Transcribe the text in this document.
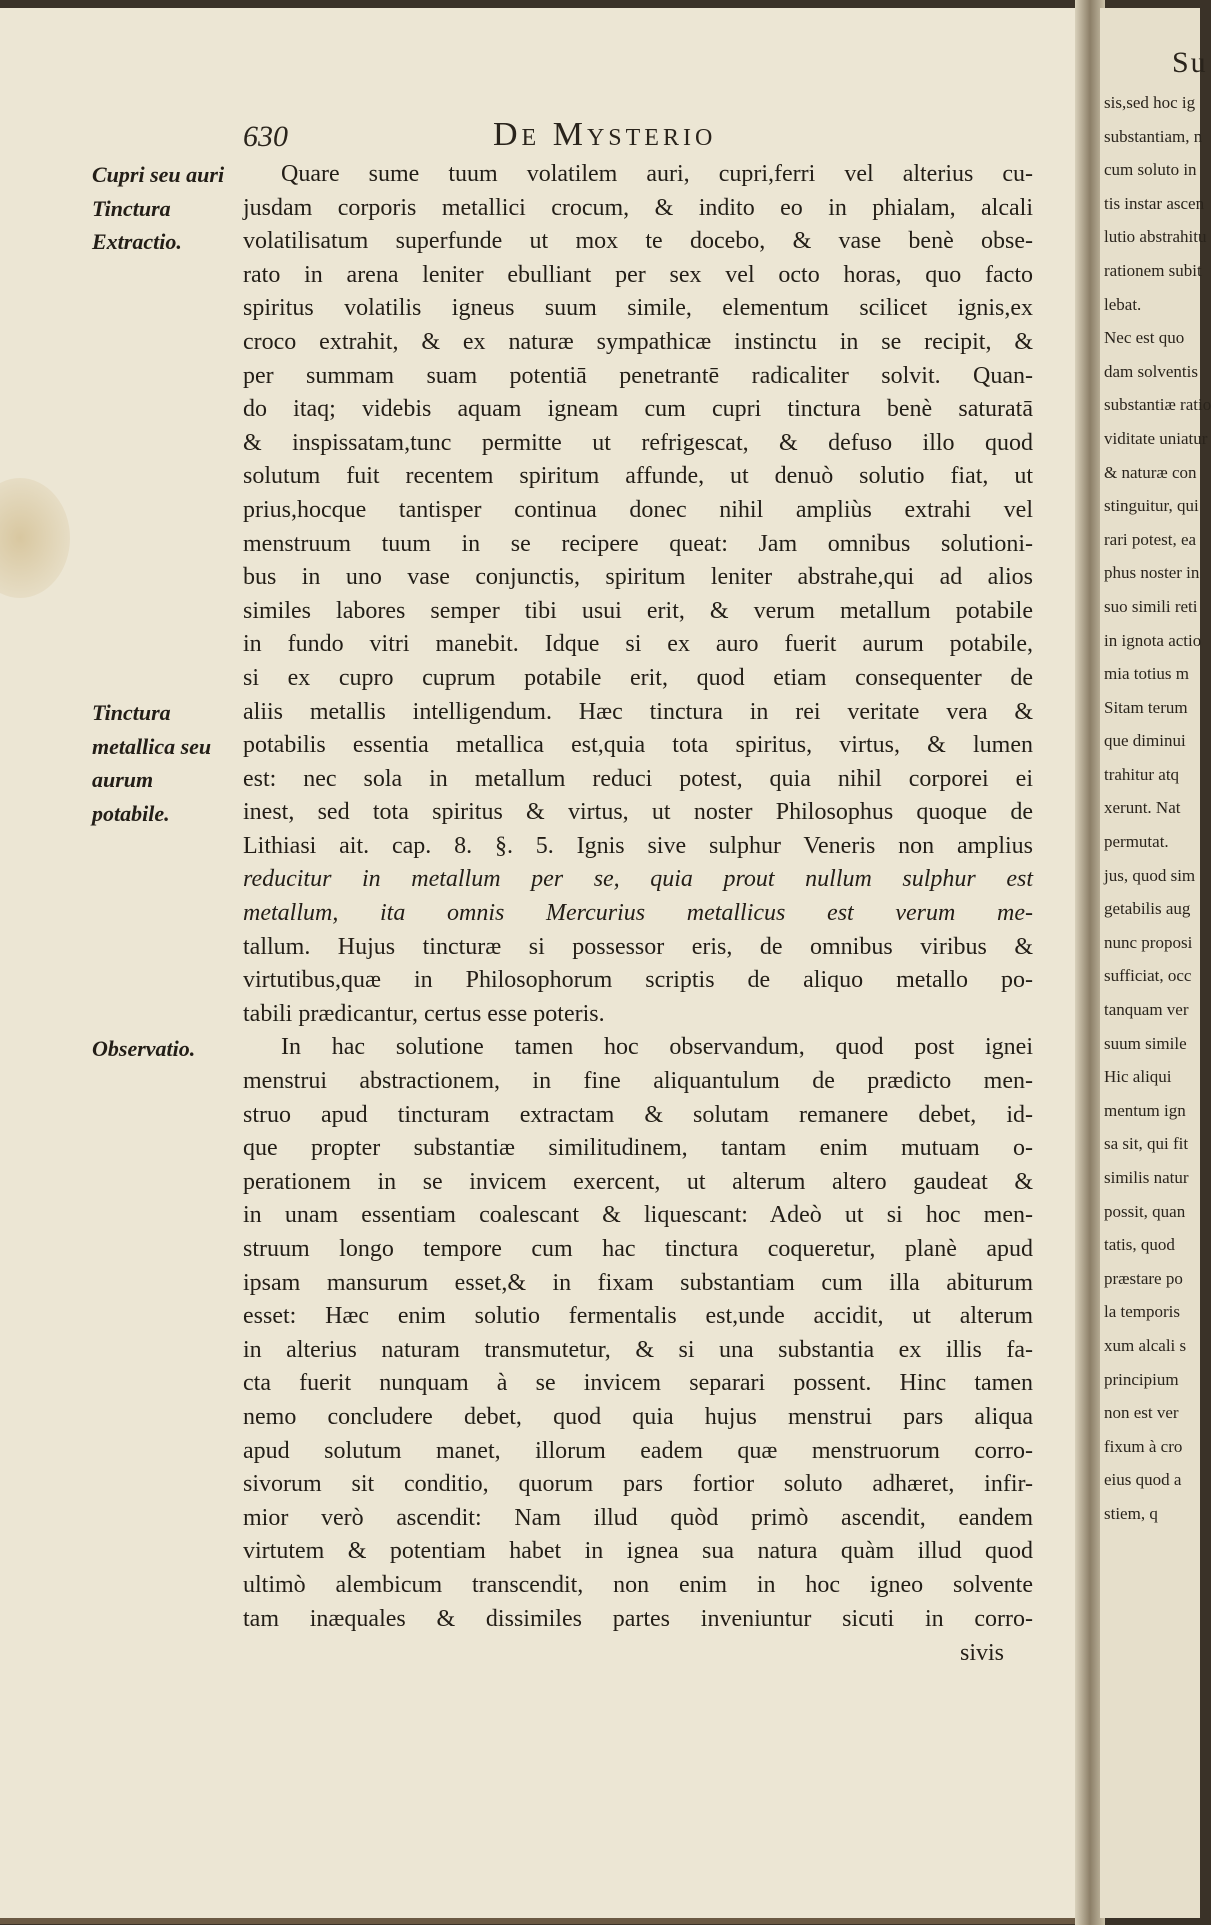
630	De Mysterio
Cupri seu auri Tinctura Extractio.
Tinctura metallica seu aurum potabile.
Observatio.
Quare sume tuum volatilem auri, cupri,ferri vel alterius cu-
jusdam corporis metallici crocum, & indito eo in phialam, alcali
volatilisatum superfunde ut mox te docebo, & vase benè obse-
rato in arena leniter ebulliant per sex vel octo horas, quo facto
spiritus volatilis igneus suum simile, elementum scilicet ignis,ex
croco extrahit, & ex naturæ sympathicæ instinctu in se recipit, &
per summam suam potentiā penetrantē radicaliter solvit. Quan-
do itaq; videbis aquam igneam cum cupri tinctura benè saturatā
& inspissatam,tunc permitte ut refrigescat, & defuso illo quod
solutum fuit recentem spiritum affunde, ut denuò solutio fiat, ut
prius,hocque tantisper continua donec nihil ampliùs extrahi vel
menstruum tuum in se recipere queat: Jam omnibus solutioni-
bus in uno vase conjunctis, spiritum leniter abstrahe,qui ad alios
similes labores semper tibi usui erit, & verum metallum potabile
in fundo vitri manebit. Idque si ex auro fuerit aurum potabile,
si ex cupro cuprum potabile erit, quod etiam consequenter de
aliis metallis intelligendum. Hæc tinctura in rei veritate vera &
potabilis essentia metallica est,quia tota spiritus, virtus, & lumen
est: nec sola in metallum reduci potest, quia nihil corporei ei
inest, sed tota spiritus & virtus, ut noster Philosophus quoque de
Lithiasi ait. cap. 8. §. 5. Ignis sive sulphur Veneris non amplius
reducitur in metallum per se, quia prout nullum sulphur est
metallum, ita omnis Mercurius metallicus est verum me-
tallum. Hujus tincturæ si possessor eris, de omnibus viribus &
virtutibus,quæ in Philosophorum scriptis de aliquo metallo po-
tabili prædicantur, certus esse poteris.
In hac solutione tamen hoc observandum, quod post ignei
menstrui abstractionem, in fine aliquantulum de prædicto men-
struo apud tincturam extractam & solutam remanere debet, id-
que propter substantiæ similitudinem, tantam enim mutuam o-
perationem in se invicem exercent, ut alterum altero gaudeat &
in unam essentiam coalescant & liquescant: Adeò ut si hoc men-
struum longo tempore cum hac tinctura coqueretur, planè apud
ipsam mansurum esset,& in fixam substantiam cum illa abiturum
esset: Hæc enim solutio fermentalis est,unde accidit, ut alterum
in alterius naturam transmutetur, & si una substantia ex illis fa-
cta fuerit nunquam à se invicem separari possent. Hinc tamen
nemo concludere debet, quod quia hujus menstrui pars aliqua
apud solutum manet, illorum eadem quæ menstruorum corro-
sivorum sit conditio, quorum pars fortior soluto adhæret, infir-
mior verò ascendit: Nam illud quòd primò ascendit, eandem
virtutem & potentiam habet in ignea sua natura quàm illud quod
ultimò alembicum transcendit, non enim in hoc igneo solvente
tam inæquales & dissimiles partes inveniuntur sicuti in corro-
sivis
Su
sis,sed hoc ig
substantiam, n
cum soluto in
tis instar ascen
lutio abstrahitu
rationem subit
lebat.
Nec est quo
dam solventis
substantiæ ratio
viditate uniatur
& naturæ con
stinguitur, qui
rari potest, ea
phus noster in
suo simili reti
in ignota actio
mia totius m
Sitam terum
que diminui
trahitur atq
xerunt. Nat
permutat.
jus, quod sim
getabilis aug
nunc proposi
sufficiat, occ
tanquam ver
suum simile
Hic aliqui
mentum ign
sa sit, qui fit
similis natur
possit, quan
tatis, quod
præstare po
la temporis
xum alcali s
principium
non est ver
fixum à cro
eius quod a
stiem, q
